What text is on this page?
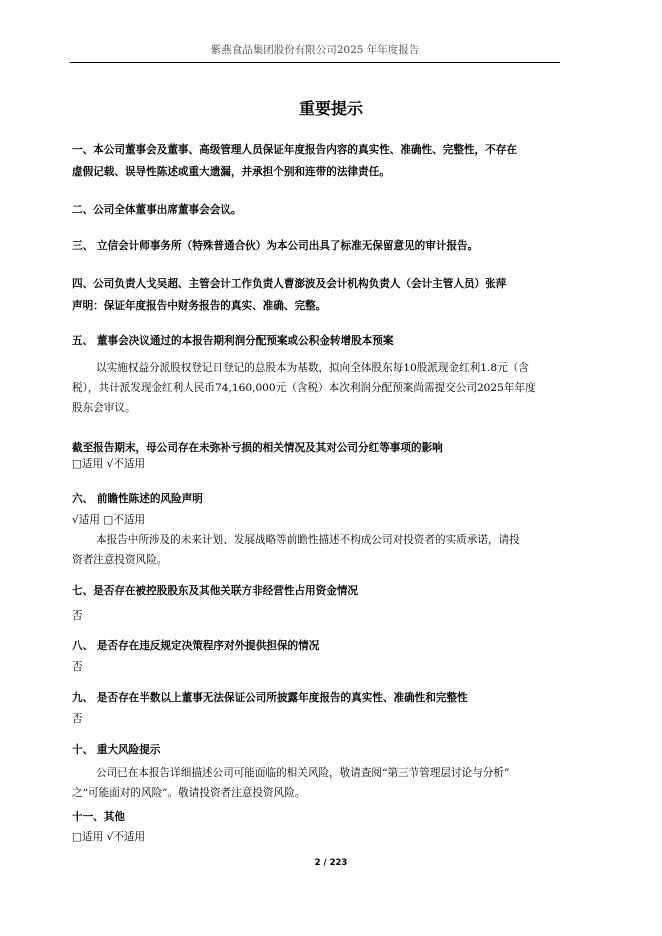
紫燕食品集团股份有限公司2025 年年度报告
重要提示
一、本公司董事会及董事、高级管理人员保证年度报告内容的真实性、准确性、完整性，不存在
虚假记载、误导性陈述或重大遗漏，并承担个别和连带的法律责任。
二、公司全体董事出席董事会会议。
三、 立信会计师事务所（特殊普通合伙）为本公司出具了标准无保留意见的审计报告。
四、公司负责人戈吴超、主管会计工作负责人曹澎波及会计机构负责人（会计主管人员）张萍
声明：保证年度报告中财务报告的真实、准确、完整。
五、 董事会决议通过的本报告期利润分配预案或公积金转增股本预案
以实施权益分派股权登记日登记的总股本为基数，拟向全体股东每10股派现金红利1.8元（含
税），共计派发现金红利人民币74,160,000元（含税）本次利润分配预案尚需提交公司2025年年度
股东会审议。
截至报告期末，母公司存在未弥补亏损的相关情况及其对公司分红等事项的影响
□适用 √不适用
六、 前瞻性陈述的风险声明
√适用 □不适用
本报告中所涉及的未来计划、发展战略等前瞻性描述不构成公司对投资者的实质承诺，请投
资者注意投资风险。
七、是否存在被控股股东及其他关联方非经营性占用资金情况
否
八、 是否存在违反规定决策程序对外提供担保的情况
否
九、 是否存在半数以上董事无法保证公司所披露年度报告的真实性、准确性和完整性
否
十、 重大风险提示
公司已在本报告详细描述公司可能面临的相关风险，敬请查阅“第三节管理层讨论与分析”
之“可能面对的风险”。敬请投资者注意投资风险。
十一、其他
□适用 √不适用
2 / 223
